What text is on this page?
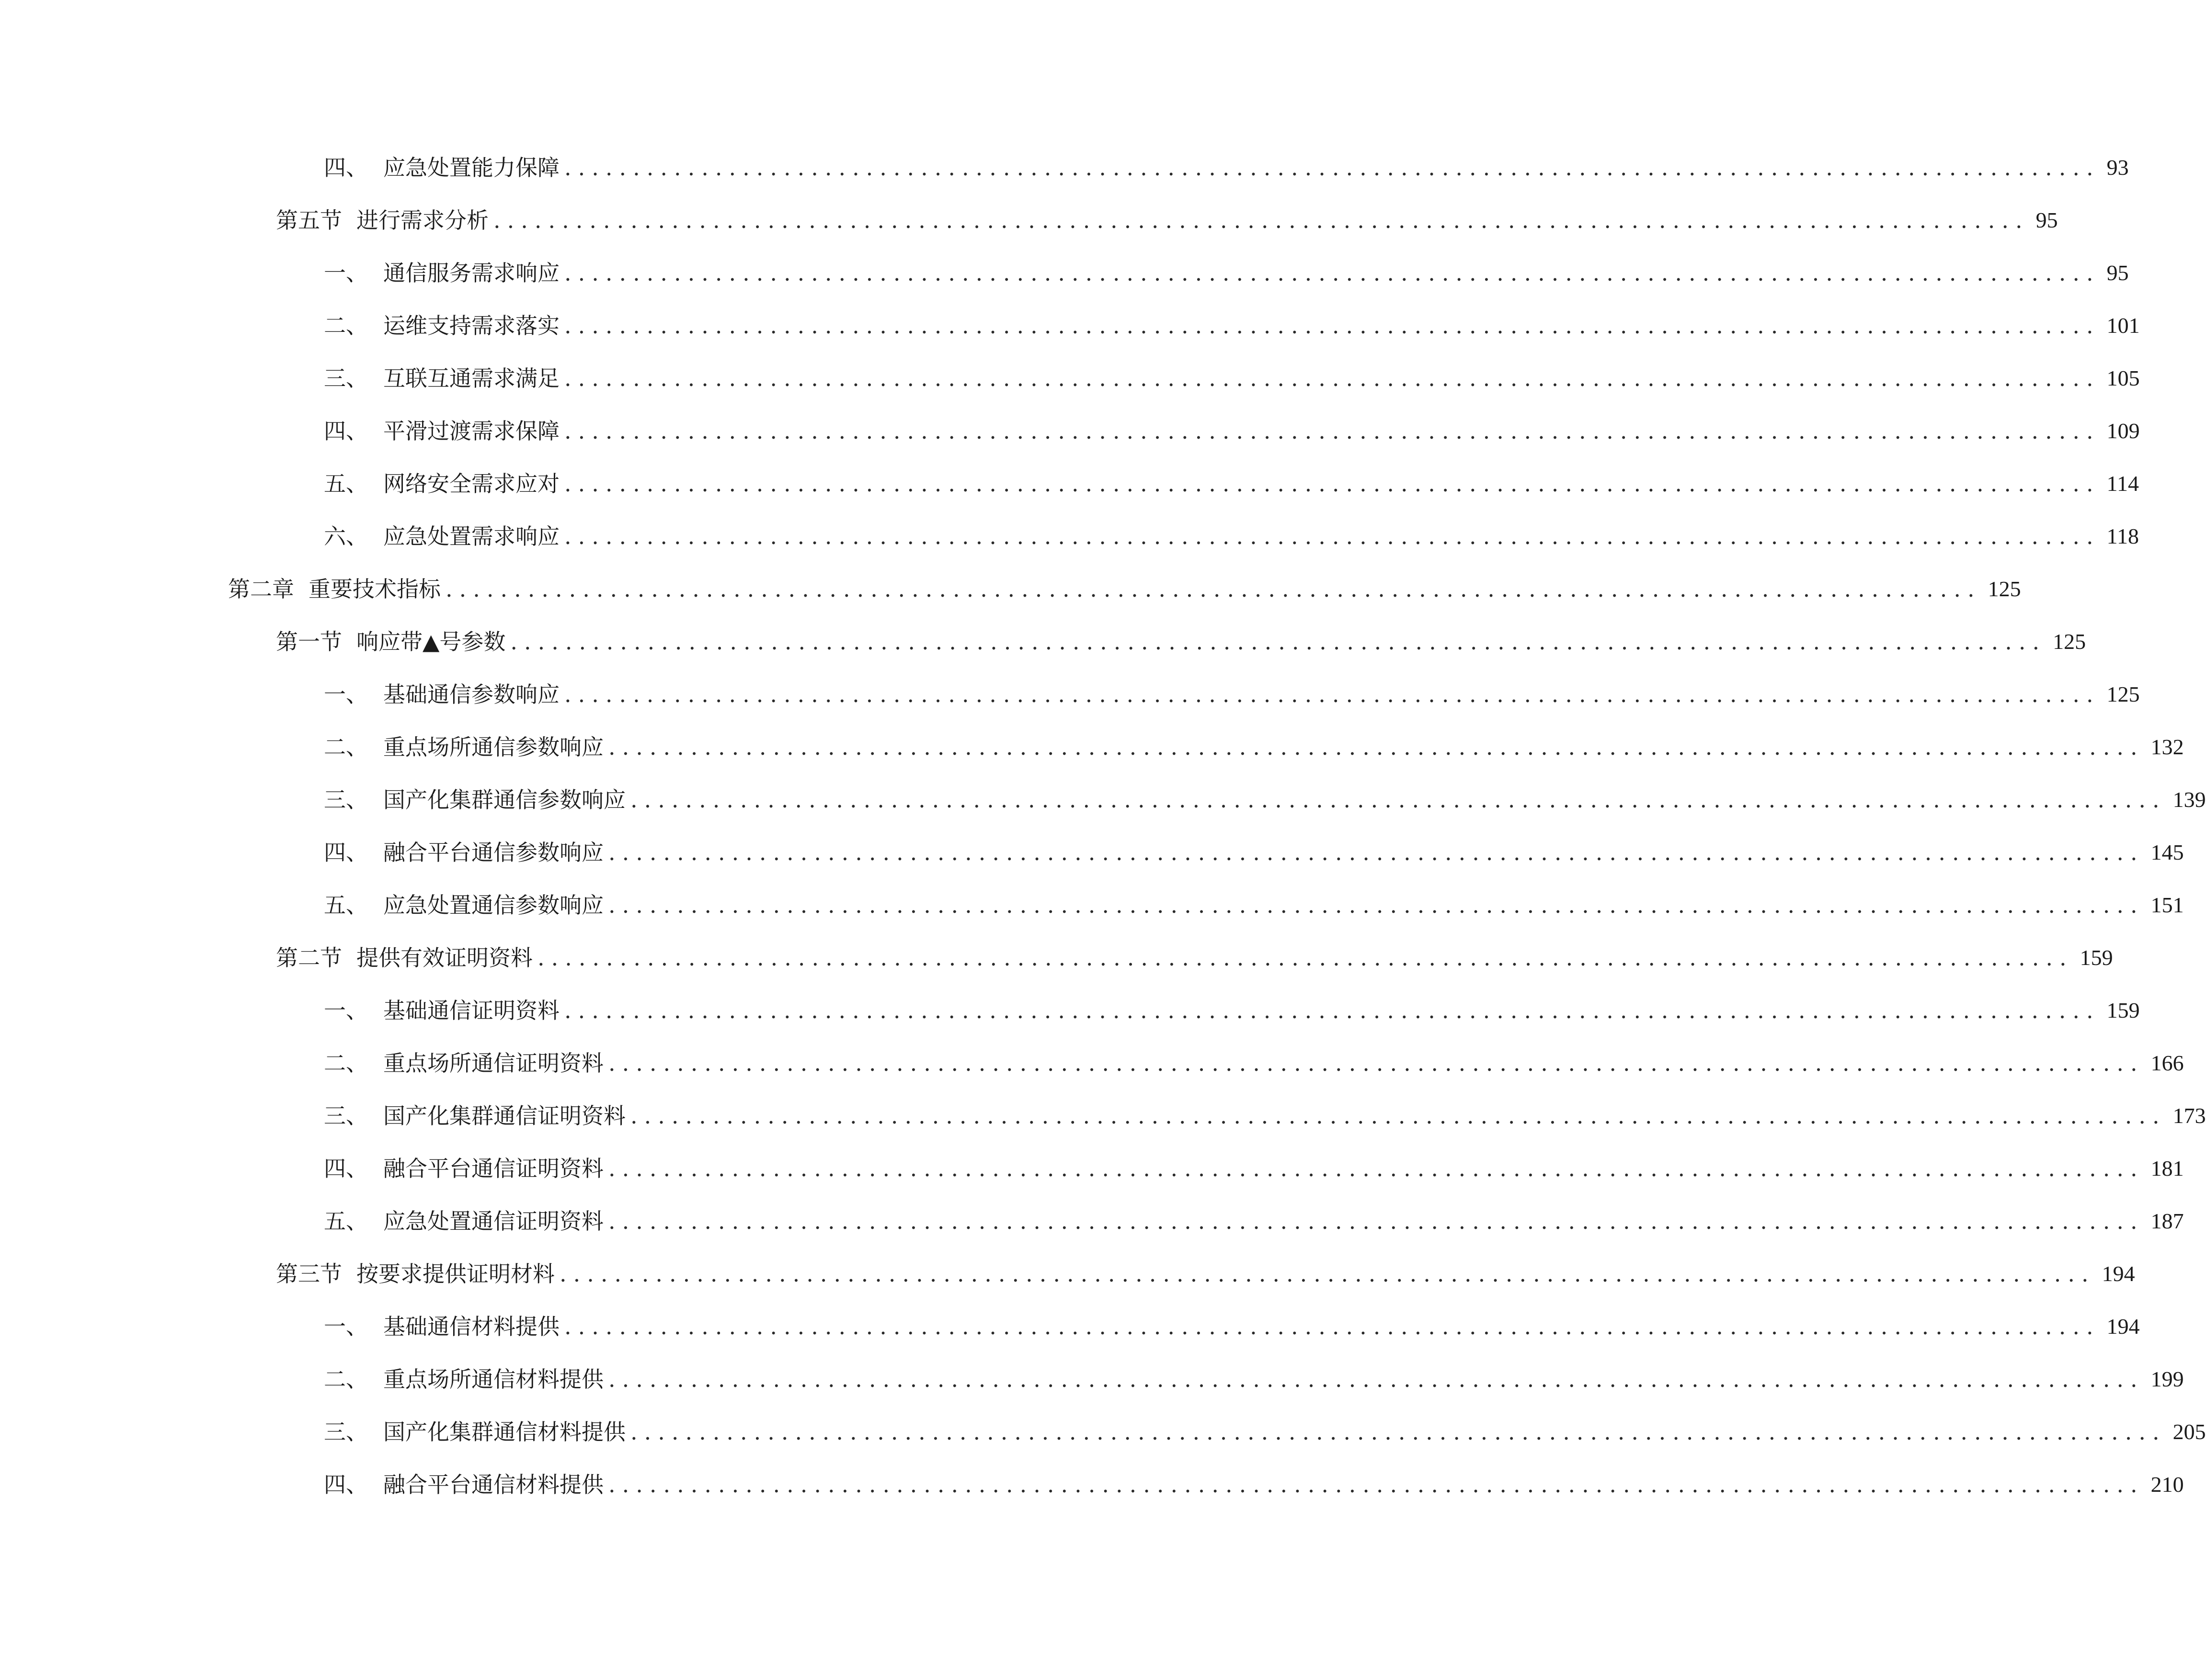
四、 应急处置能力保障 ................................................................................................................ 93
第五节 进行需求分析 ................................................................................................................ 95
一、 通信服务需求响应 ................................................................................................................ 95
二、 运维支持需求落实 ................................................................................................................ 101
三、 互联互通需求满足 ................................................................................................................ 105
四、 平滑过渡需求保障 ................................................................................................................ 109
五、 网络安全需求应对 ................................................................................................................ 114
六、 应急处置需求响应 ................................................................................................................ 118
第二章 重要技术指标 ................................................................................................................ 125
第一节 响应带▲号参数 ................................................................................................................ 125
一、 基础通信参数响应 ................................................................................................................ 125
二、 重点场所通信参数响应 ................................................................................................................ 132
三、 国产化集群通信参数响应 ................................................................................................................ 139
四、 融合平台通信参数响应 ................................................................................................................ 145
五、 应急处置通信参数响应 ................................................................................................................ 151
第二节 提供有效证明资料 ................................................................................................................ 159
一、 基础通信证明资料 ................................................................................................................ 159
二、 重点场所通信证明资料 ................................................................................................................ 166
三、 国产化集群通信证明资料 ................................................................................................................ 173
四、 融合平台通信证明资料 ................................................................................................................ 181
五、 应急处置通信证明资料 ................................................................................................................ 187
第三节 按要求提供证明材料 ................................................................................................................ 194
一、 基础通信材料提供 ................................................................................................................ 194
二、 重点场所通信材料提供 ................................................................................................................ 199
三、 国产化集群通信材料提供 ................................................................................................................ 205
四、 融合平台通信材料提供 ................................................................................................................ 210
